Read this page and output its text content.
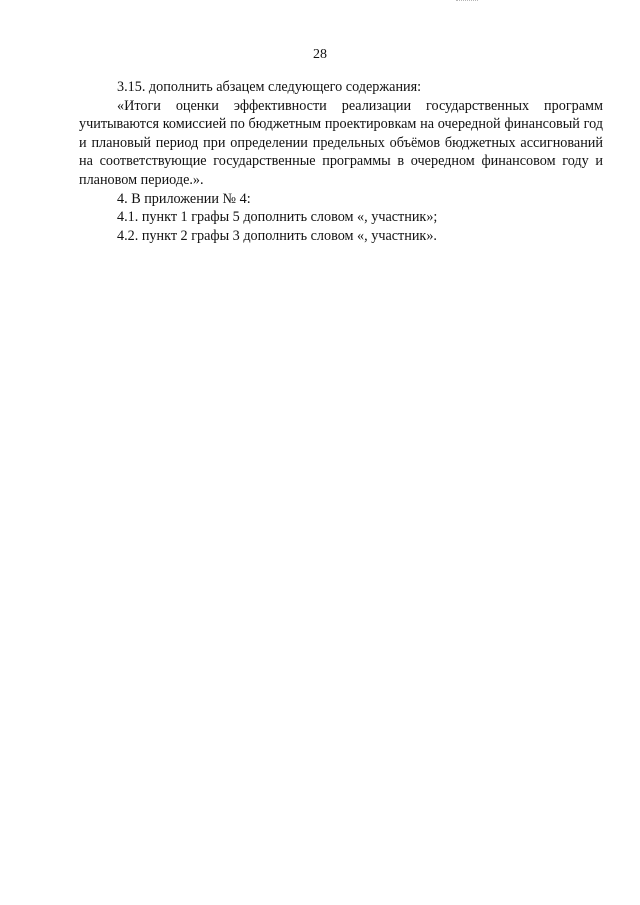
28

3.15. дополнить абзацем следующего содержания:

«Итоги оценки эффективности реализации государственных программ учитываются комиссией по бюджетным проектировкам на очередной финансовый год и плановый период при определении предельных объёмов бюджетных ассигнований на соответствующие государственные программы в очередном финансовом году и плановом периоде.».

4. В приложении № 4:

4.1. пункт 1 графы 5 дополнить словом «, участник»;

4.2. пункт 2 графы 3 дополнить словом «, участник».
